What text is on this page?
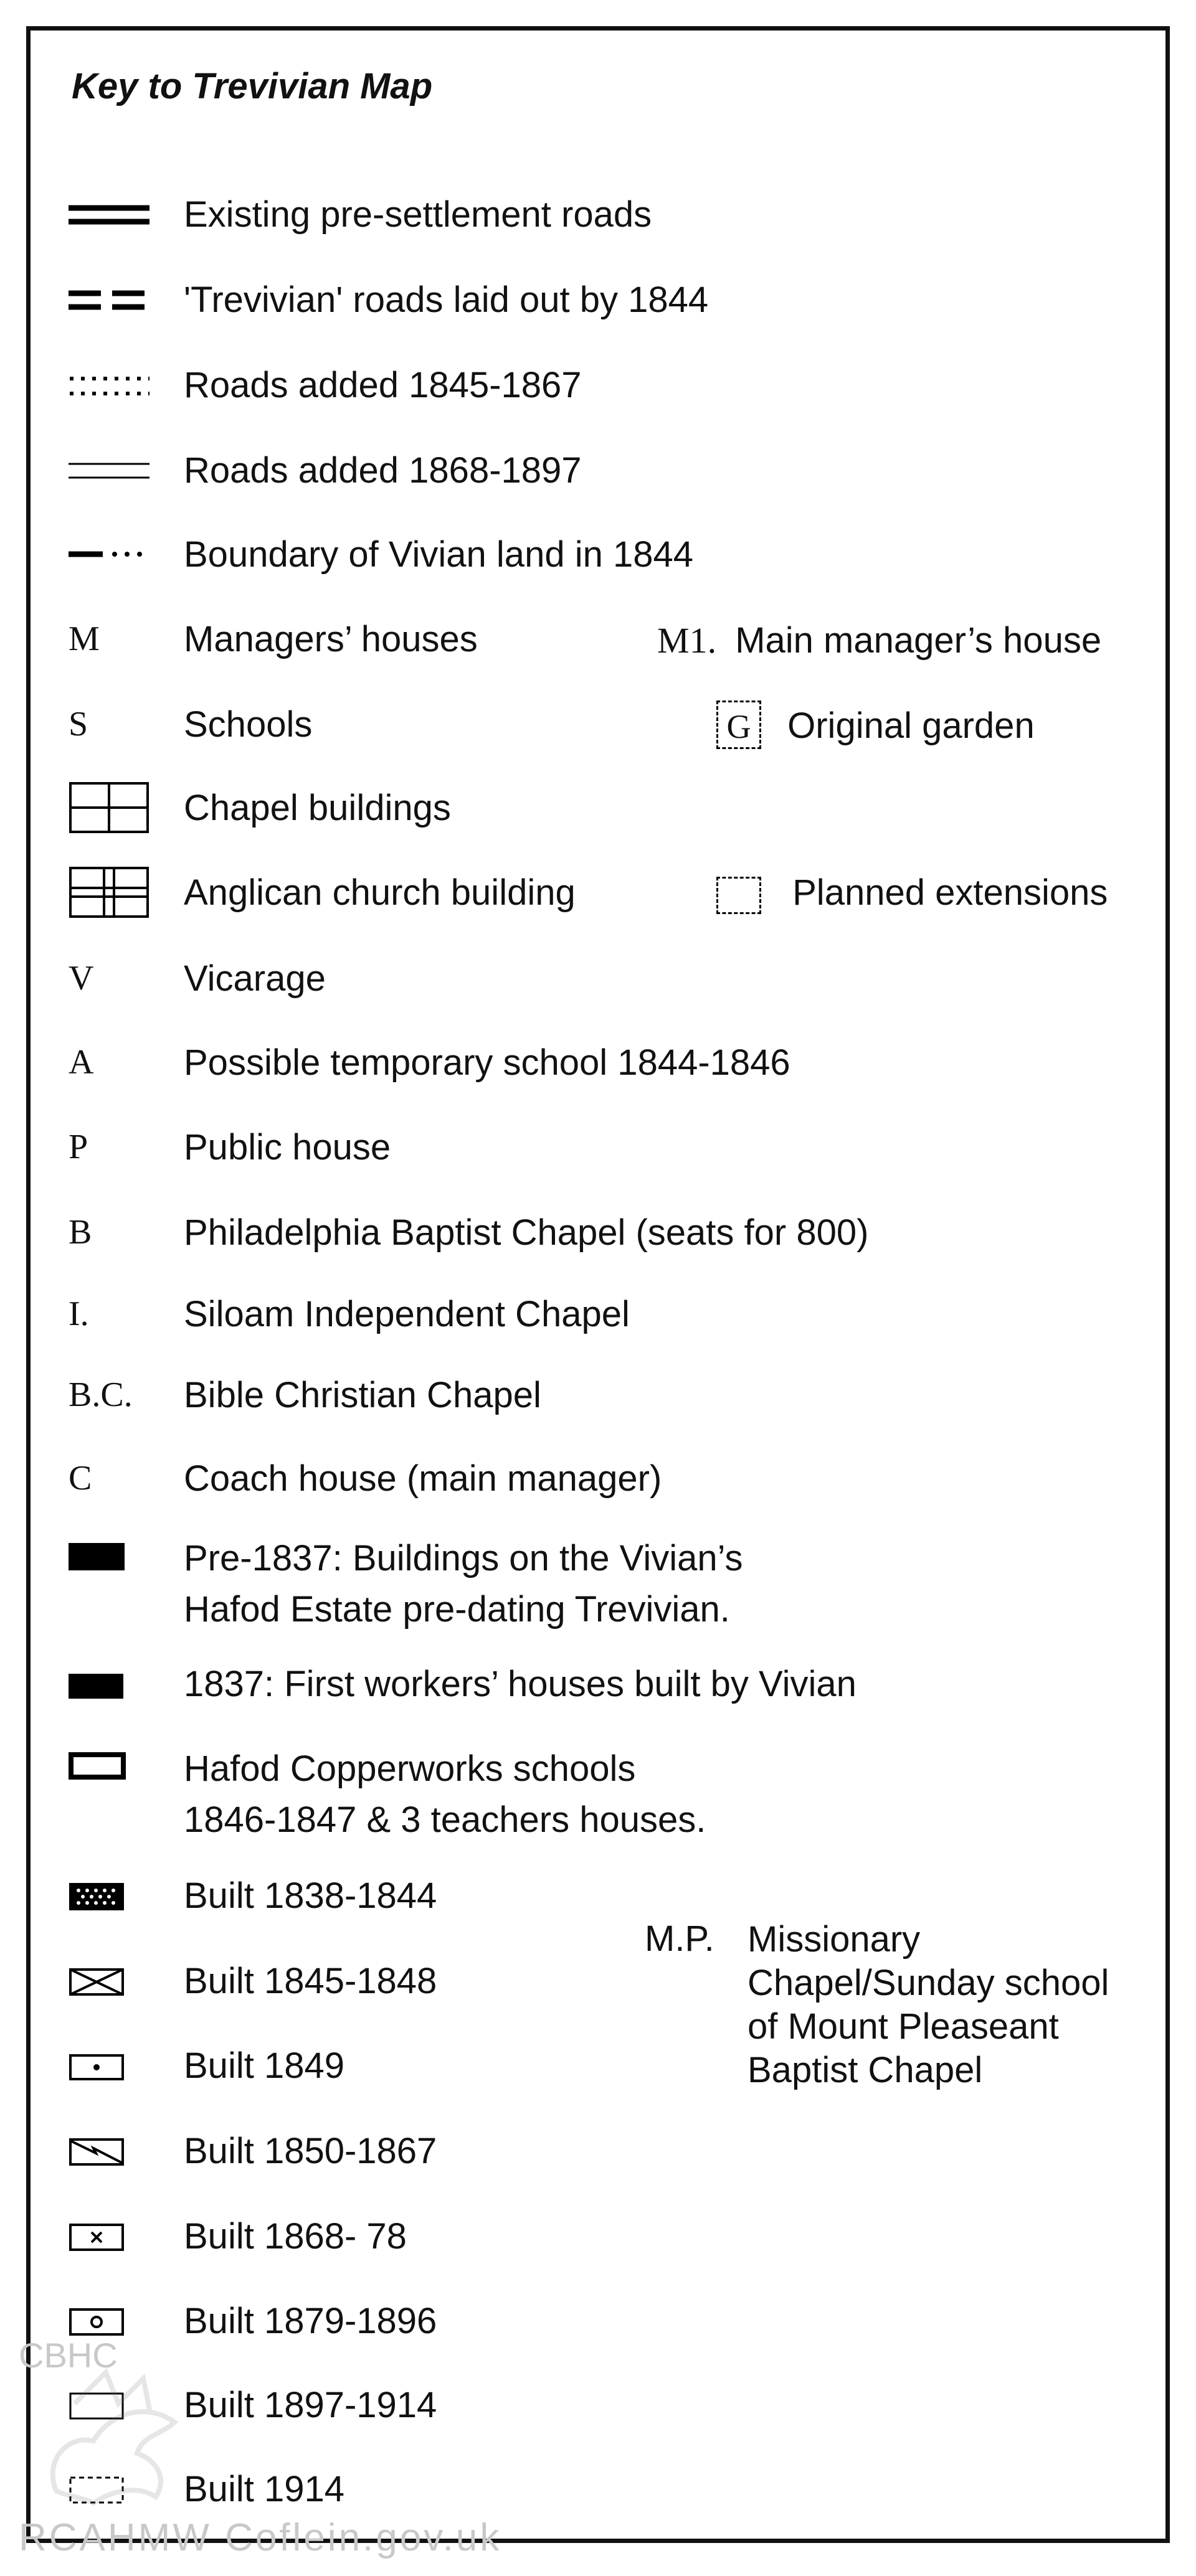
Key to Trevivian Map
Existing pre-settlement roads
'Trevivian' roads laid out by 1844
Roads added 1845-1867
Roads added 1868-1897
Boundary of Vivian land in 1844
M	Managers’ houses	M1. Main manager’s house
S	Schools	G Original garden
Chapel buildings
Anglican church building	Planned extensions
V	Vicarage
A	Possible temporary school 1844-1846
P	Public house
B	Philadelphia Baptist Chapel (seats for 800)
I.	Siloam Independent Chapel
B.C.	Bible Christian Chapel
C	Coach house (main manager)
Pre-1837: Buildings on the Vivian’s
Hafod Estate pre-dating Trevivian.
1837: First workers’ houses built by Vivian
Hafod Copperworks schools
1846-1847 & 3 teachers houses.
Built 1838-1844
M.P. Missionary
Chapel/Sunday school
of Mount Pleaseant
Baptist Chapel
Built 1845-1848
Built 1849
Built 1850-1867
Built 1868- 78
Built 1879-1896
Built 1897-1914
Built 1914
CBHC
RCAHMW Coflein.gov.uk
